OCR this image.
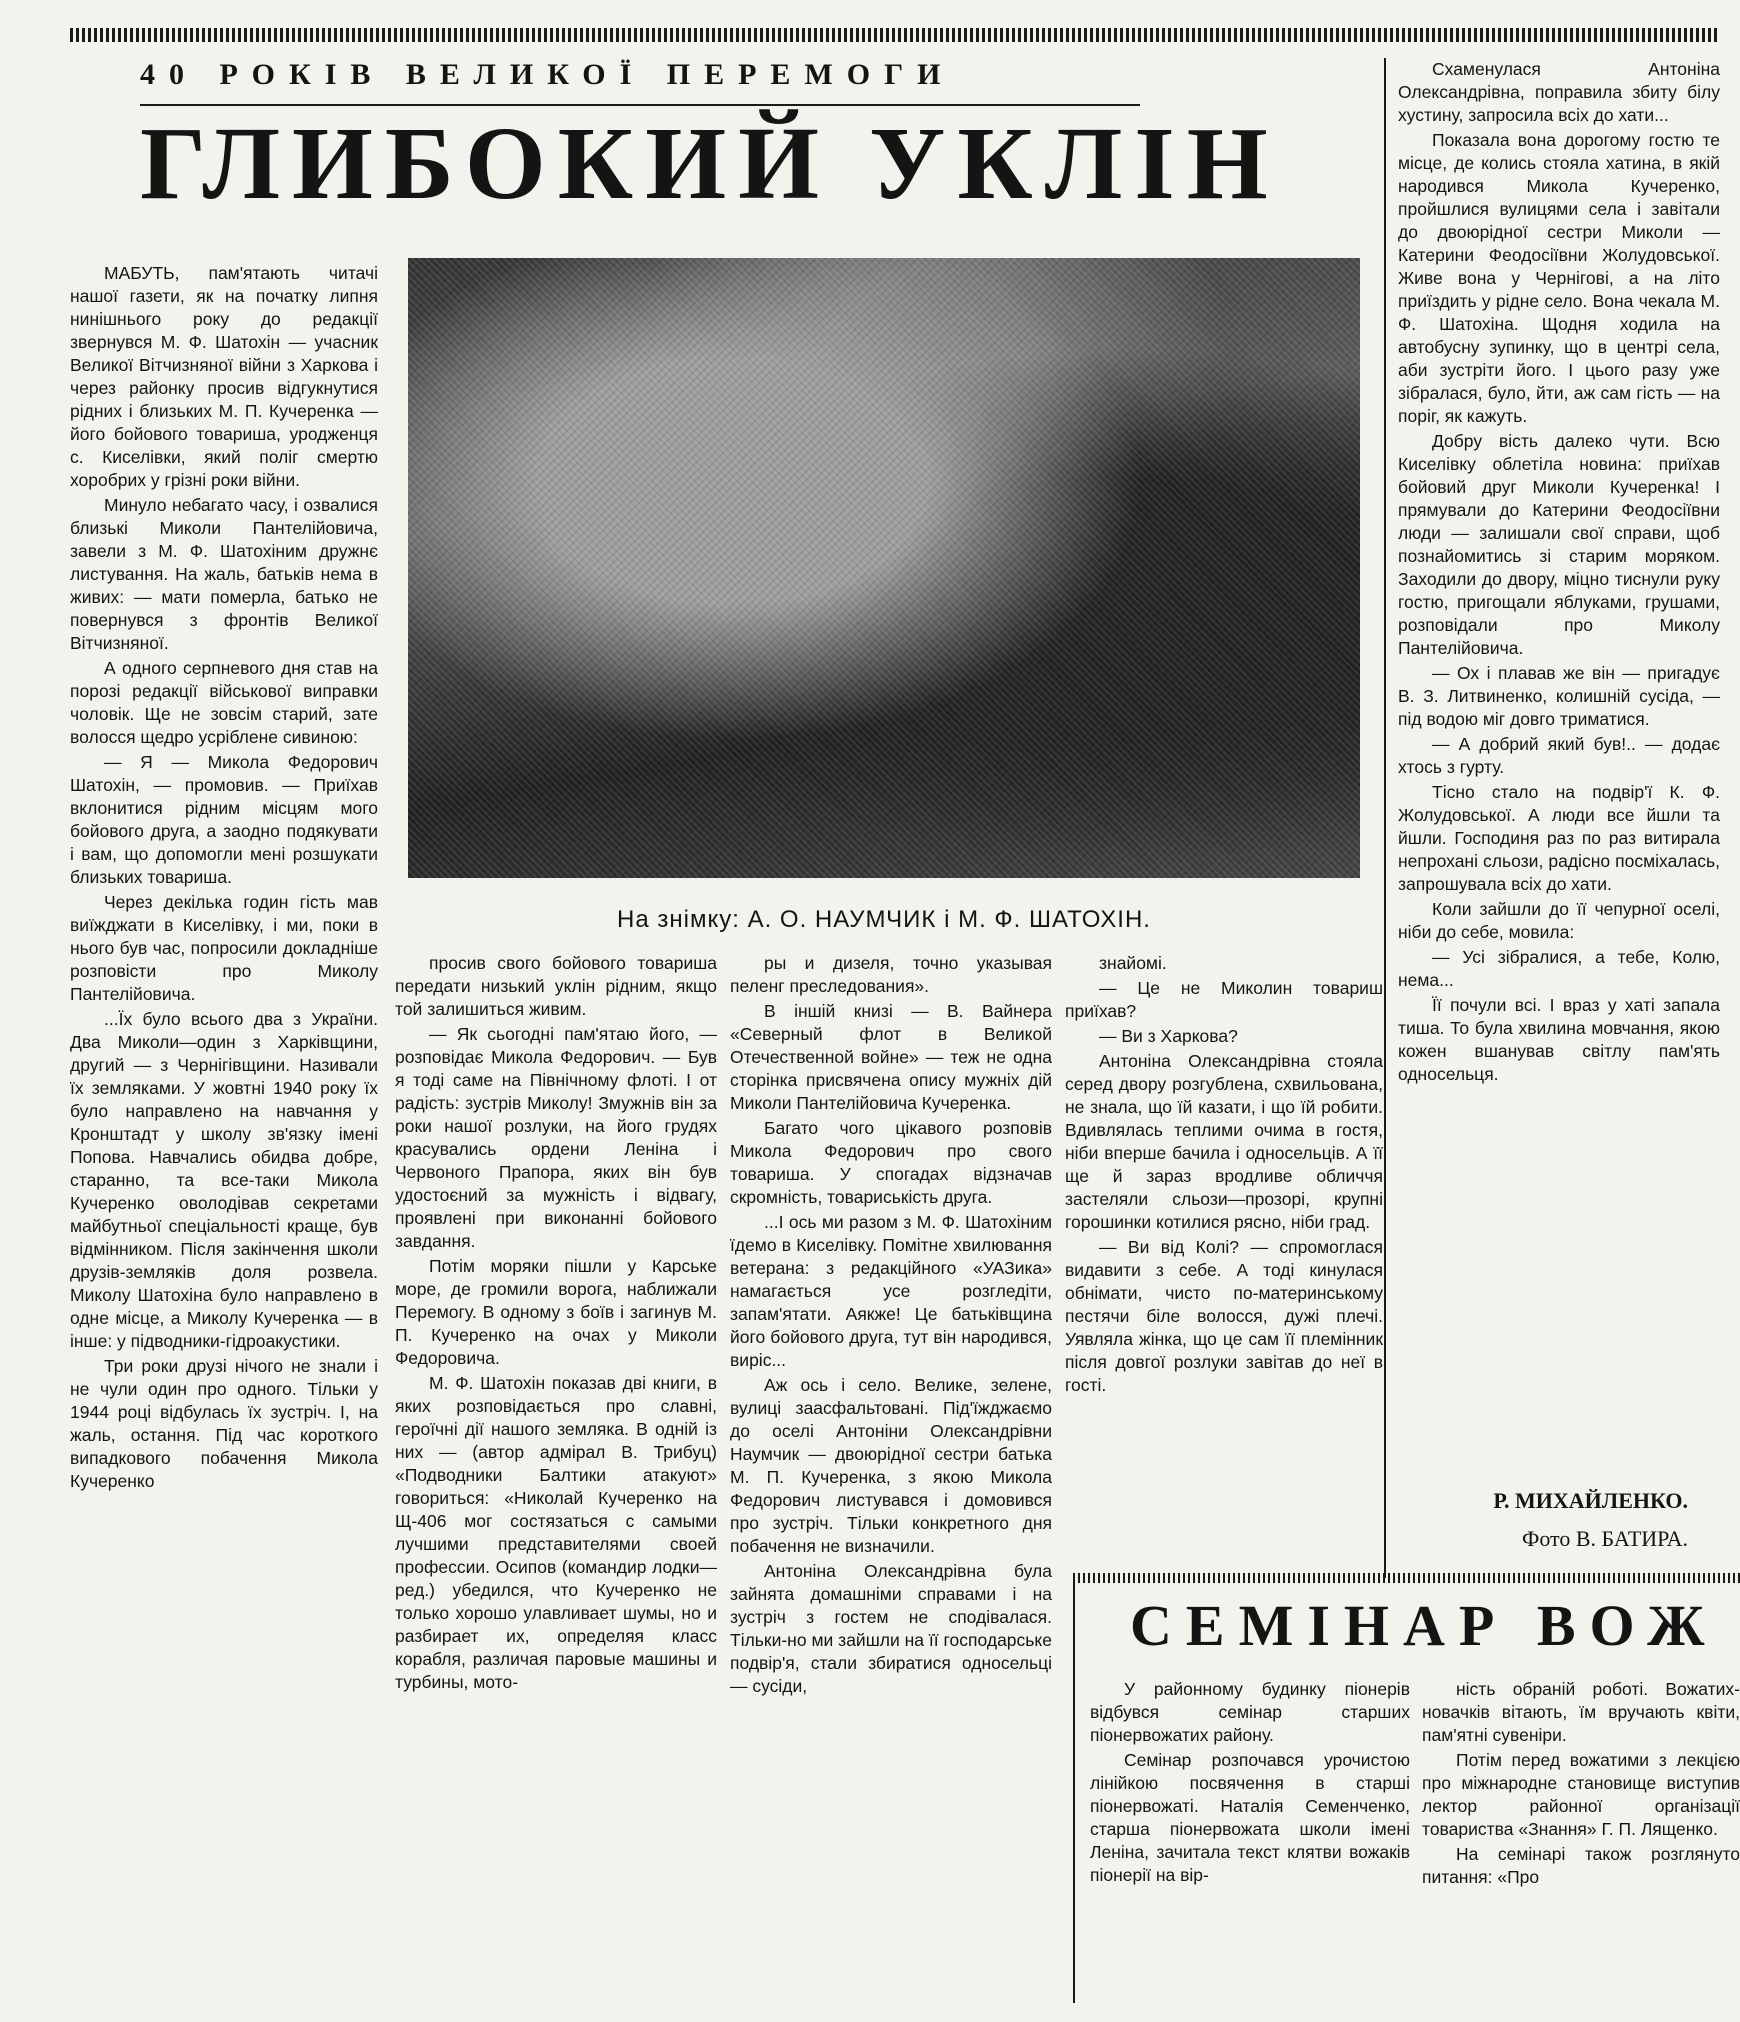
40 РОКІВ ВЕЛИКОЇ ПЕРЕМОГИ
ГЛИБОКИЙ УКЛІН
На знімку: А. О. НАУМЧИК і М. Ф. ШАТОХІН.

МАБУТЬ, пам'ятають читачі нашої газети, як на початку липня нинішнього року до редакції звернувся М. Ф. Шатохін — учасник Великої Вітчизняної війни з Харкова і через районку просив відгукнутися рідних і близьких М. П. Кучеренка — його бойового товариша, уродженця с. Киселівки, який поліг смертю хоробрих у грізні роки війни.

Минуло небагато часу, і озвалися близькі Миколи Пантелійовича, завели з М. Ф. Шатохіним дружнє листування. На жаль, батьків нема в живих: — мати померла, батько не повернувся з фронтів Великої Вітчизняної.

А одного серпневого дня став на порозі редакції військової виправки чоловік. Ще не зовсім старий, зате волосся щедро усріблене сивиною:

— Я — Микола Федорович Шатохін, — промовив. — Приїхав вклонитися рідним місцям мого бойового друга, а заодно подякувати і вам, що допомогли мені розшукати близьких товариша.

Через декілька годин гість мав виїжджати в Киселівку, і ми, поки в нього був час, попросили докладніше розповісти про Миколу Пантелійовича.

...Їх було всього два з України. Два Миколи—один з Харківщини, другий — з Чернігівщини. Називали їх земляками. У жовтні 1940 року їх було направлено на навчання у Кронштадт у школу зв'язку імені Попова. Навчались обидва добре, старанно, та все-таки Микола Кучеренко оволодівав секретами майбутньої спеціальності краще, був відмінником. Після закінчення школи друзів-земляків доля розвела. Миколу Шатохіна було направлено в одне місце, а Миколу Кучеренка — в інше: у підводники-гідроакустики.

Три роки друзі нічого не знали і не чули один про одного. Тільки у 1944 році відбулась їх зустріч. І, на жаль, остання. Під час короткого випадкового побачення Микола Кучеренко

просив свого бойового товариша передати низький уклін рідним, якщо той залишиться живим.

— Як сьогодні пам'ятаю його, — розповідає Микола Федорович. — Був я тоді саме на Північному флоті. І от радість: зустрів Миколу! Змужнів він за роки нашої розлуки, на його грудях красувались ордени Леніна і Червоного Прапора, яких він був удостоєний за мужність і відвагу, проявлені при виконанні бойового завдання.

Потім моряки пішли у Карське море, де громили ворога, наближали Перемогу. В одному з боїв і загинув М. П. Кучеренко на очах у Миколи Федоровича.

М. Ф. Шатохін показав дві книги, в яких розповідається про славні, героїчні дії нашого земляка. В одній із них — (автор адмірал В. Трибуц) «Подводники Балтики атакуют» говориться: «Николай Кучеренко на Щ-406 мог состязаться с самыми лучшими представителями своей профессии. Осипов (командир лодки— ред.) убедился, что Кучеренко не только хорошо улавливает шумы, но и разбирает их, определяя класс корабля, различая паровые машины и турбины, мото-

ры и дизеля, точно указывая пеленг преследования».

В іншій книзі — В. Вайнера «Северный флот в Великой Отечественной войне» — теж не одна сторінка присвячена опису мужніх дій Миколи Пантелійовича Кучеренка.

Багато чого цікавого розповів Микола Федорович про свого товариша. У спогадах відзначав скромність, товариськість друга.

...І ось ми разом з М. Ф. Шатохіним їдемо в Киселівку. Помітне хвилювання ветерана: з редакційного «УАЗика» намагається усе розгледіти, запам'ятати. Аякже! Це батьківщина його бойового друга, тут він народився, виріс...

Аж ось і село. Велике, зелене, вулиці заасфальтовані. Під'їжджаємо до оселі Антоніни Олександрівни Наумчик — двоюрідної сестри батька М. П. Кучеренка, з якою Микола Федорович листувався і домовився про зустріч. Тільки конкретного дня побачення не визначили.

Антоніна Олександрівна була зайнята домашніми справами і на зустріч з гостем не сподівалася. Тільки-но ми зайшли на її господарське подвір'я, стали збиратися односельці — сусіди,

знайомі.

— Це не Миколин товариш приїхав?

— Ви з Харкова?

Антоніна Олександрівна стояла серед двору розгублена, схвильована, не знала, що їй казати, і що їй робити. Вдивлялась теплими очима в гостя, ніби вперше бачила і односельців. А її ще й зараз вродливе обличчя застеляли сльози—прозорі, крупні горошинки котилися рясно, ніби град.

— Ви від Колі? — спромоглася видавити з себе. А тоді кинулася обнімати, чисто по-материнському пестячи біле волосся, дужі плечі. Уявляла жінка, що це сам її племінник після довгої розлуки завітав до неї в гості.

Схаменулася Антоніна Олександрівна, поправила збиту білу хустину, запросила всіх до хати...

Показала вона дорогому гостю те місце, де колись стояла хатина, в якій народився Микола Кучеренко, пройшлися вулицями села і завітали до двоюрідної сестри Миколи — Катерини Феодосіївни Жолудовської. Живе вона у Чернігові, а на літо приїздить у рідне село. Вона чекала М. Ф. Шатохіна. Щодня ходила на автобусну зупинку, що в центрі села, аби зустріти його. І цього разу уже зібралася, було, йти, аж сам гість — на поріг, як кажуть.

Добру вість далеко чути. Всю Киселівку облетіла новина: приїхав бойовий друг Миколи Кучеренка! І прямували до Катерини Феодосіївни люди — залишали свої справи, щоб познайомитись зі старим моряком. Заходили до двору, міцно тиснули руку гостю, пригощали яблуками, грушами, розповідали про Миколу Пантелійовича.

— Ох і плавав же він — пригадує В. З. Литвиненко, колишній сусіда, — під водою міг довго триматися.

— А добрий який був!.. — додає хтось з гурту.

Тісно стало на подвір'ї К. Ф. Жолудовської. А люди все йшли та йшли. Господиня раз по раз витирала непрохані сльози, радісно посміхалась, запрошувала всіх до хати.

Коли зайшли до її чепурної оселі, ніби до себе, мовила:

— Усі зібралися, а тебе, Колю, нема...

Її почули всі. І враз у хаті запала тиша. То була хвилина мовчання, якою кожен вшанував світлу пам'ять односельця.

Р. МИХАЙЛЕНКО.
Фото В. БАТИРА.
СЕМІНАР ВОЖ

У районному будинку піонерів відбувся семінар старших піонервожатих району.

Семінар розпочався урочистою лінійкою посвячення в старші піонервожаті. Наталія Семенченко, старша піонервожата школи імені Леніна, зачитала текст клятви вожаків піонерії на вір-

ність обраній роботі. Вожатих-новачків вітають, їм вручають квіти, пам'ятні сувеніри.

Потім перед вожатими з лекцією про міжнародне становище виступив лектор районної організації товариства «Знання» Г. П. Лященко.

На семінарі також розглянуто питання: «Про
